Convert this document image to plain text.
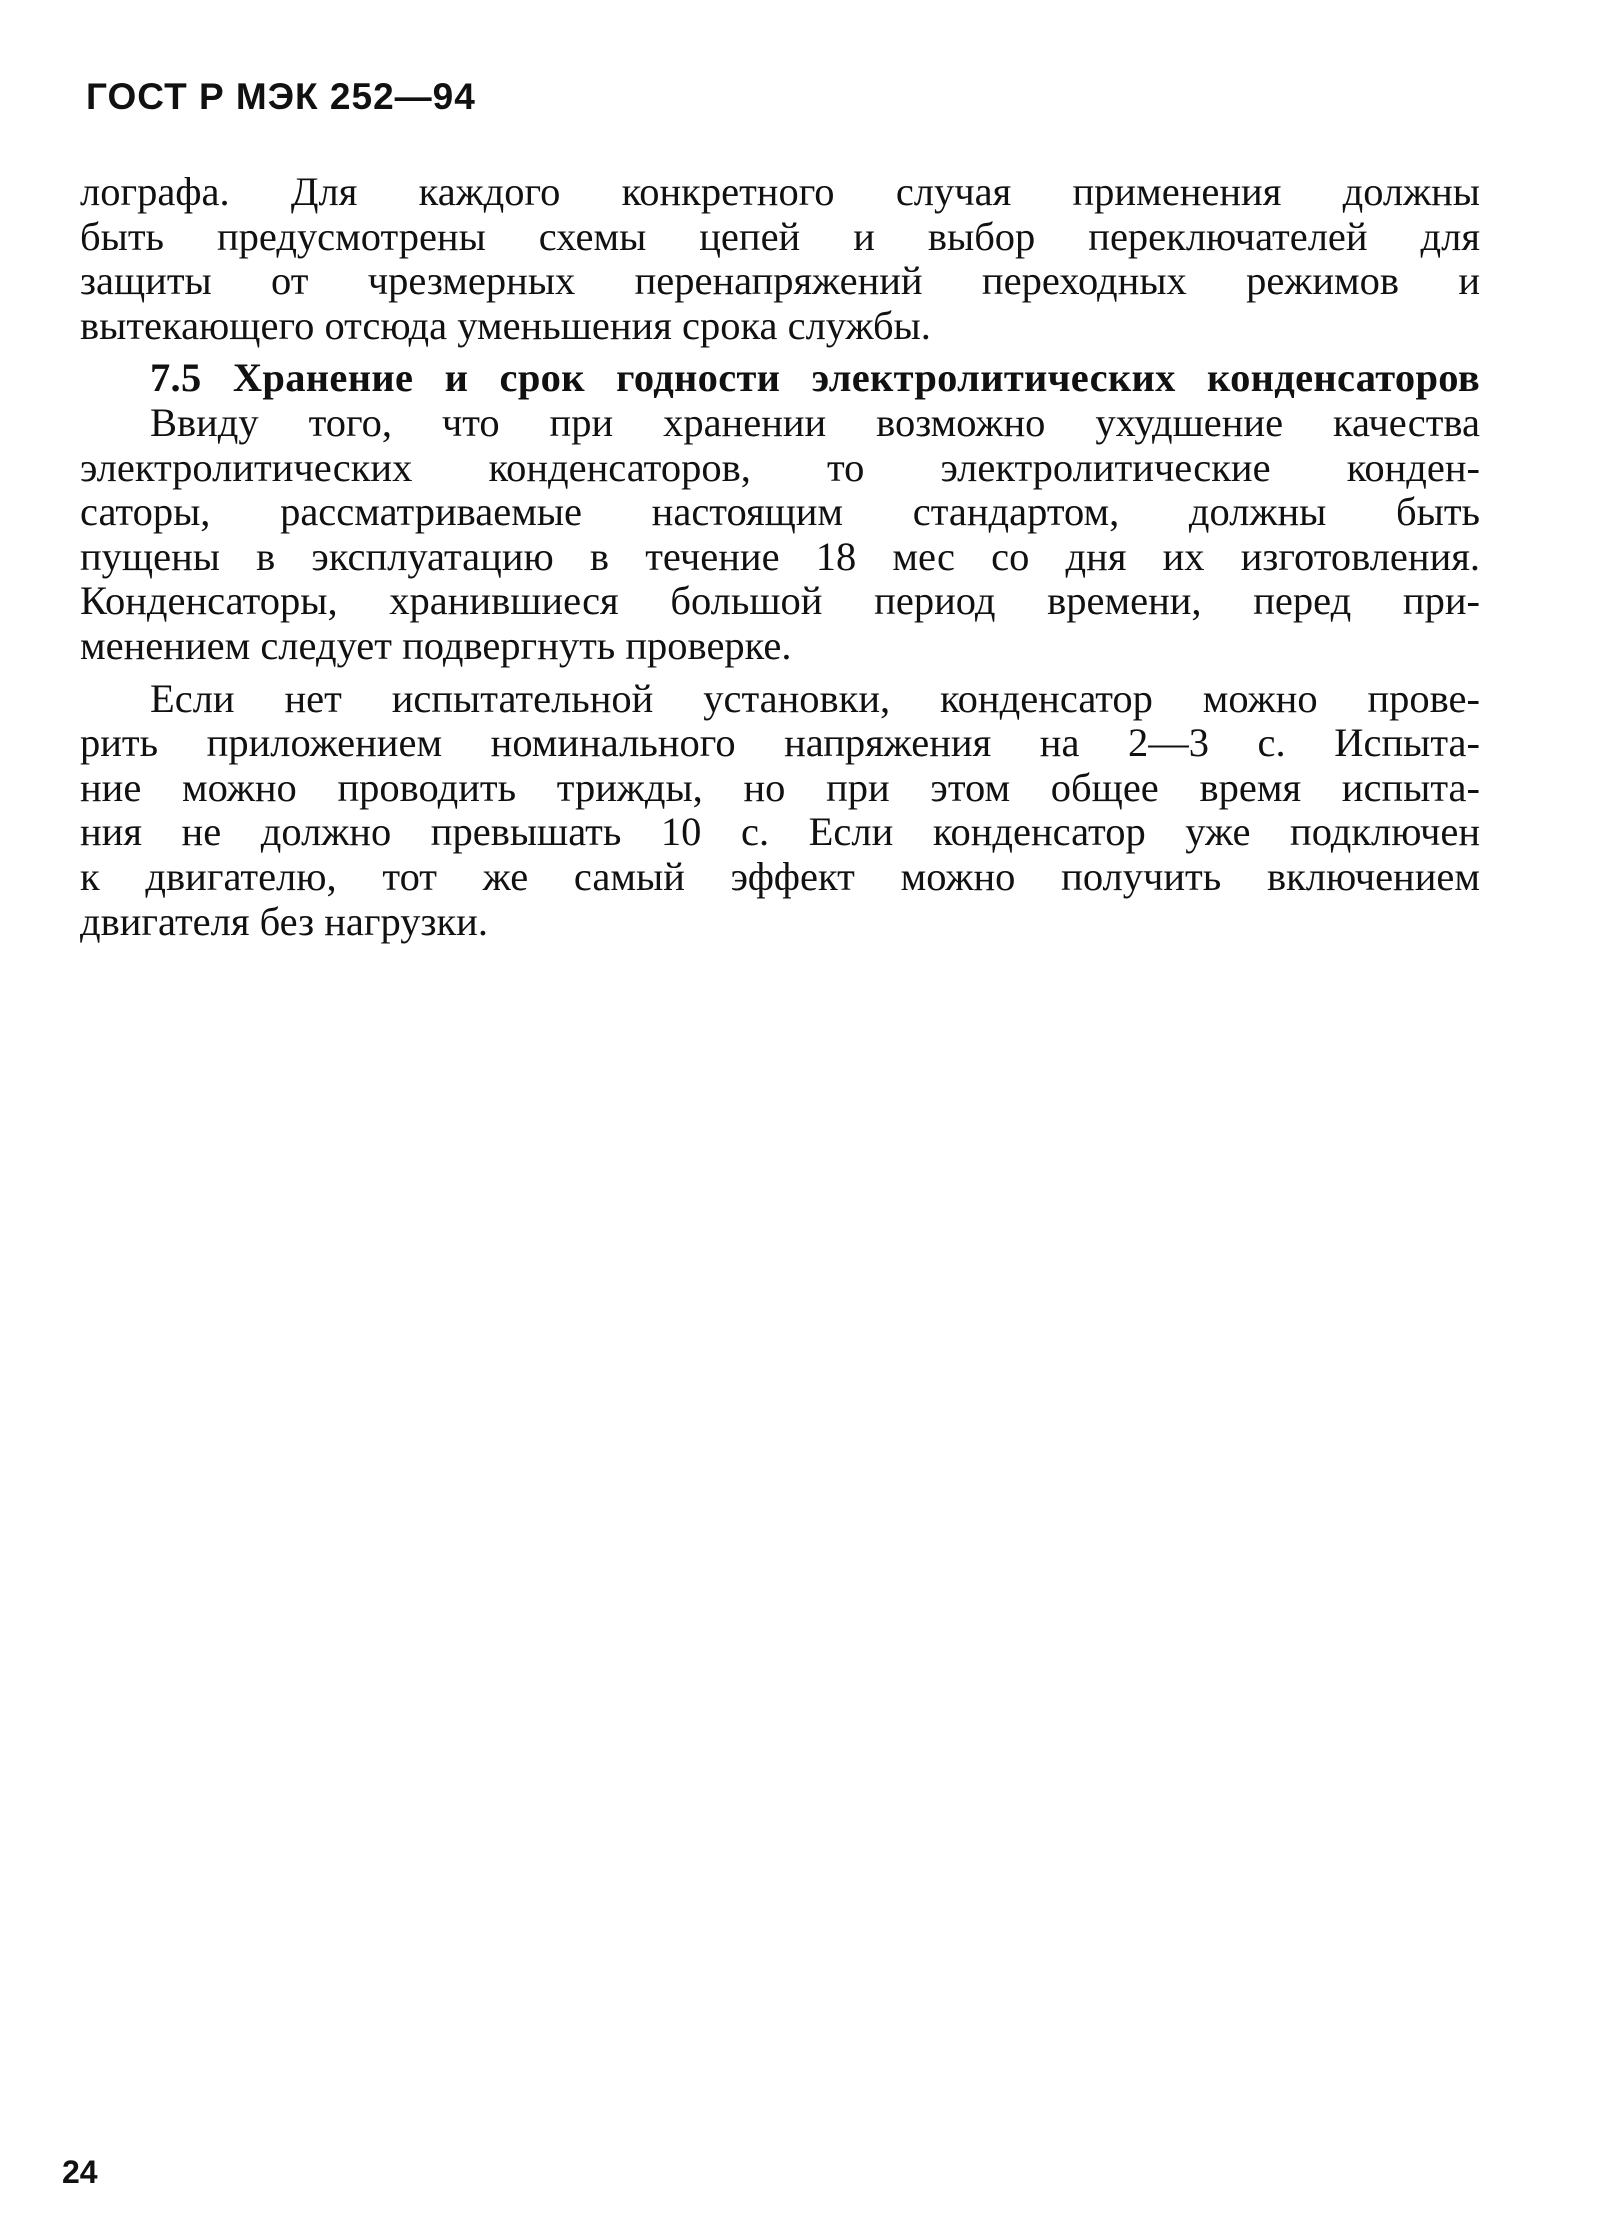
ГОСТ Р МЭК 252—94
лографа. Для каждого конкретного случая применения должны
быть предусмотрены схемы цепей и выбор переключателей для
защиты от чрезмерных перенапряжений переходных режимов и
вытекающего отсюда уменьшения срока службы.
7.5 Хранение и срок годности электролитических конденсаторов
Ввиду того, что при хранении возможно ухудшение качества
электролитических конденсаторов, то электролитические конден-
саторы, рассматриваемые настоящим стандартом, должны быть
пущены в эксплуатацию в течение 18 мес со дня их изготовления.
Конденсаторы, хранившиеся большой период времени, перед при-
менением следует подвергнуть проверке.
Если нет испытательной установки, конденсатор можно прове-
рить приложением номинального напряжения на 2—3 с. Испыта-
ние можно проводить трижды, но при этом общее время испыта-
ния не должно превышать 10 с. Если конденсатор уже подключен
к двигателю, тот же самый эффект можно получить включением
двигателя без нагрузки.
24
